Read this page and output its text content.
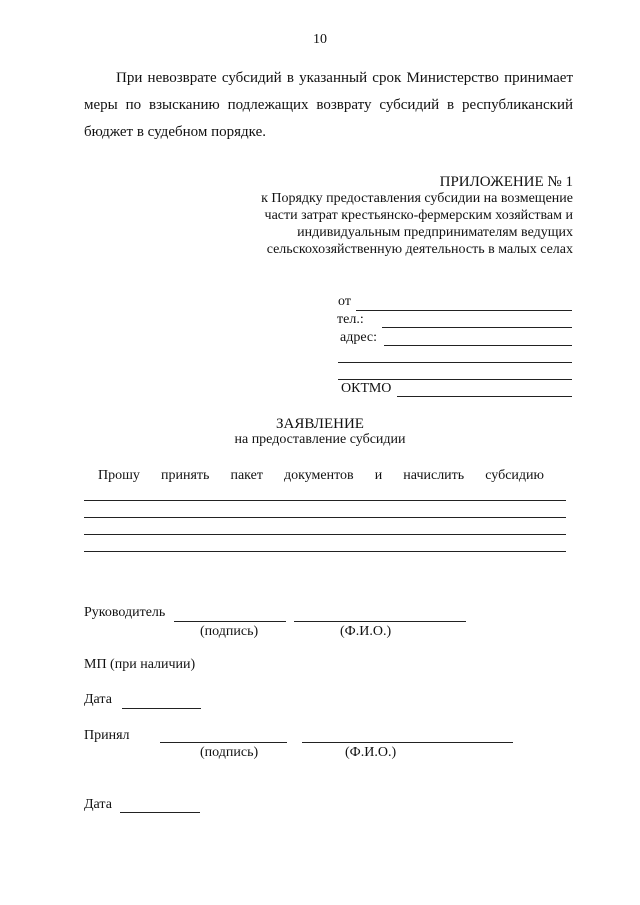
10
При невозврате субсидий в указанный срок Министерство принимает
меры по взысканию подлежащих возврату субсидий в республиканский
бюджет в судебном порядке.
ПРИЛОЖЕНИЕ № 1
к Порядку предоставления субсидии на возмещение
части затрат крестьянско-фермерским хозяйствам и
индивидуальным предпринимателям ведущих
сельскохозяйственную деятельность в малых селах
от
тел.:
адрес:
ОКТМО
ЗАЯВЛЕНИЕ
на предоставление субсидии
Прошу принять пакет документов и начислить субсидию
Руководитель
(подпись)	(Ф.И.О.)
МП (при наличии)
Дата
Принял
(подпись)	(Ф.И.О.)
Дата
